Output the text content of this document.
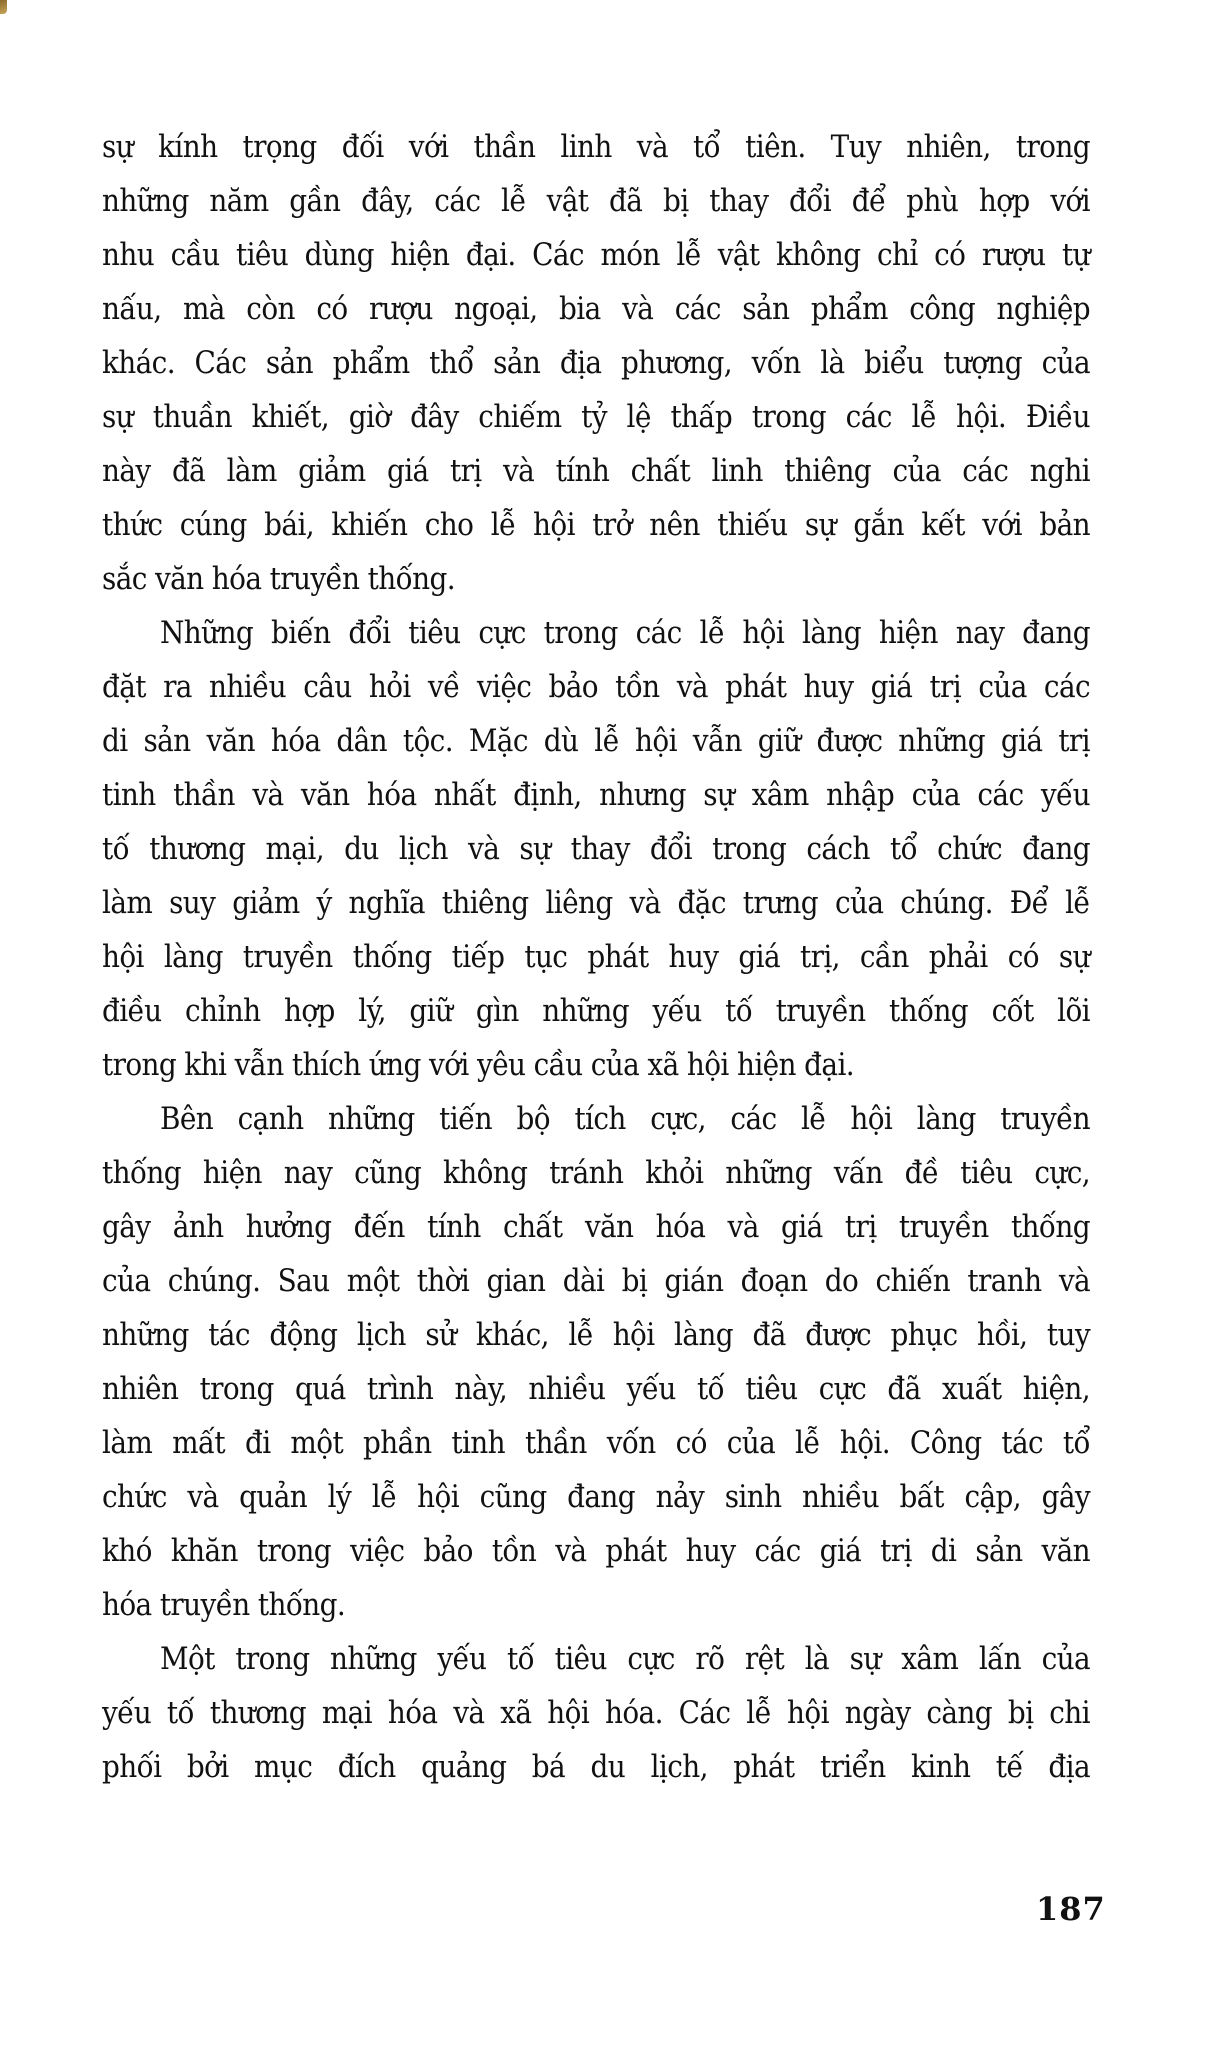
sự kính trọng đối với thần linh và tổ tiên. Tuy nhiên, trong
những năm gần đây, các lễ vật đã bị thay đổi để phù hợp với
nhu cầu tiêu dùng hiện đại. Các món lễ vật không chỉ có rượu tự
nấu, mà còn có rượu ngoại, bia và các sản phẩm công nghiệp
khác. Các sản phẩm thổ sản địa phương, vốn là biểu tượng của
sự thuần khiết, giờ đây chiếm tỷ lệ thấp trong các lễ hội. Điều
này đã làm giảm giá trị và tính chất linh thiêng của các nghi
thức cúng bái, khiến cho lễ hội trở nên thiếu sự gắn kết với bản
sắc văn hóa truyền thống.

Những biến đổi tiêu cực trong các lễ hội làng hiện nay đang
đặt ra nhiều câu hỏi về việc bảo tồn và phát huy giá trị của các
di sản văn hóa dân tộc. Mặc dù lễ hội vẫn giữ được những giá trị
tinh thần và văn hóa nhất định, nhưng sự xâm nhập của các yếu
tố thương mại, du lịch và sự thay đổi trong cách tổ chức đang
làm suy giảm ý nghĩa thiêng liêng và đặc trưng của chúng. Để lễ
hội làng truyền thống tiếp tục phát huy giá trị, cần phải có sự
điều chỉnh hợp lý, giữ gìn những yếu tố truyền thống cốt lõi
trong khi vẫn thích ứng với yêu cầu của xã hội hiện đại.

Bên cạnh những tiến bộ tích cực, các lễ hội làng truyền
thống hiện nay cũng không tránh khỏi những vấn đề tiêu cực,
gây ảnh hưởng đến tính chất văn hóa và giá trị truyền thống
của chúng. Sau một thời gian dài bị gián đoạn do chiến tranh và
những tác động lịch sử khác, lễ hội làng đã được phục hồi, tuy
nhiên trong quá trình này, nhiều yếu tố tiêu cực đã xuất hiện,
làm mất đi một phần tinh thần vốn có của lễ hội. Công tác tổ
chức và quản lý lễ hội cũng đang nảy sinh nhiều bất cập, gây
khó khăn trong việc bảo tồn và phát huy các giá trị di sản văn
hóa truyền thống.

Một trong những yếu tố tiêu cực rõ rệt là sự xâm lấn của
yếu tố thương mại hóa và xã hội hóa. Các lễ hội ngày càng bị chi
phối bởi mục đích quảng bá du lịch, phát triển kinh tế địa

187
